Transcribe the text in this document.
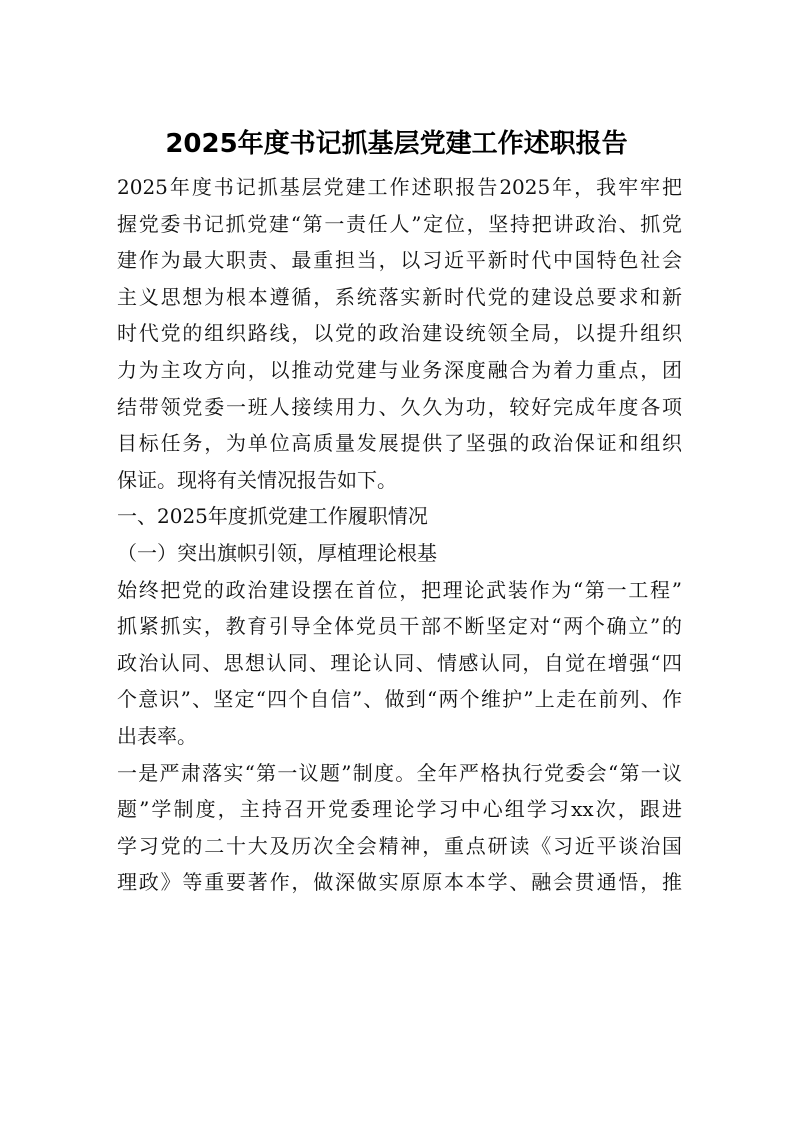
2025年度书记抓基层党建工作述职报告
2025年度书记抓基层党建工作述职报告2025年，我牢牢把
握党委书记抓党建“第一责任人”定位，坚持把讲政治、抓党
建作为最大职责、最重担当，以习近平新时代中国特色社会
主义思想为根本遵循，系统落实新时代党的建设总要求和新
时代党的组织路线，以党的政治建设统领全局，以提升组织
力为主攻方向，以推动党建与业务深度融合为着力重点，团
结带领党委一班人接续用力、久久为功，较好完成年度各项
目标任务，为单位高质量发展提供了坚强的政治保证和组织
保证。现将有关情况报告如下。
一、2025年度抓党建工作履职情况
（一）突出旗帜引领，厚植理论根基
始终把党的政治建设摆在首位，把理论武装作为“第一工程”
抓紧抓实，教育引导全体党员干部不断坚定对“两个确立”的
政治认同、思想认同、理论认同、情感认同，自觉在增强“四
个意识”、坚定“四个自信”、做到“两个维护”上走在前列、作
出表率。
一是严肃落实“第一议题”制度。全年严格执行党委会“第一议
题”学制度，主持召开党委理论学习中心组学习xx次，跟进
学习党的二十大及历次全会精神，重点研读《习近平谈治国
理政》等重要著作，做深做实原原本本学、融会贯通悟，推
